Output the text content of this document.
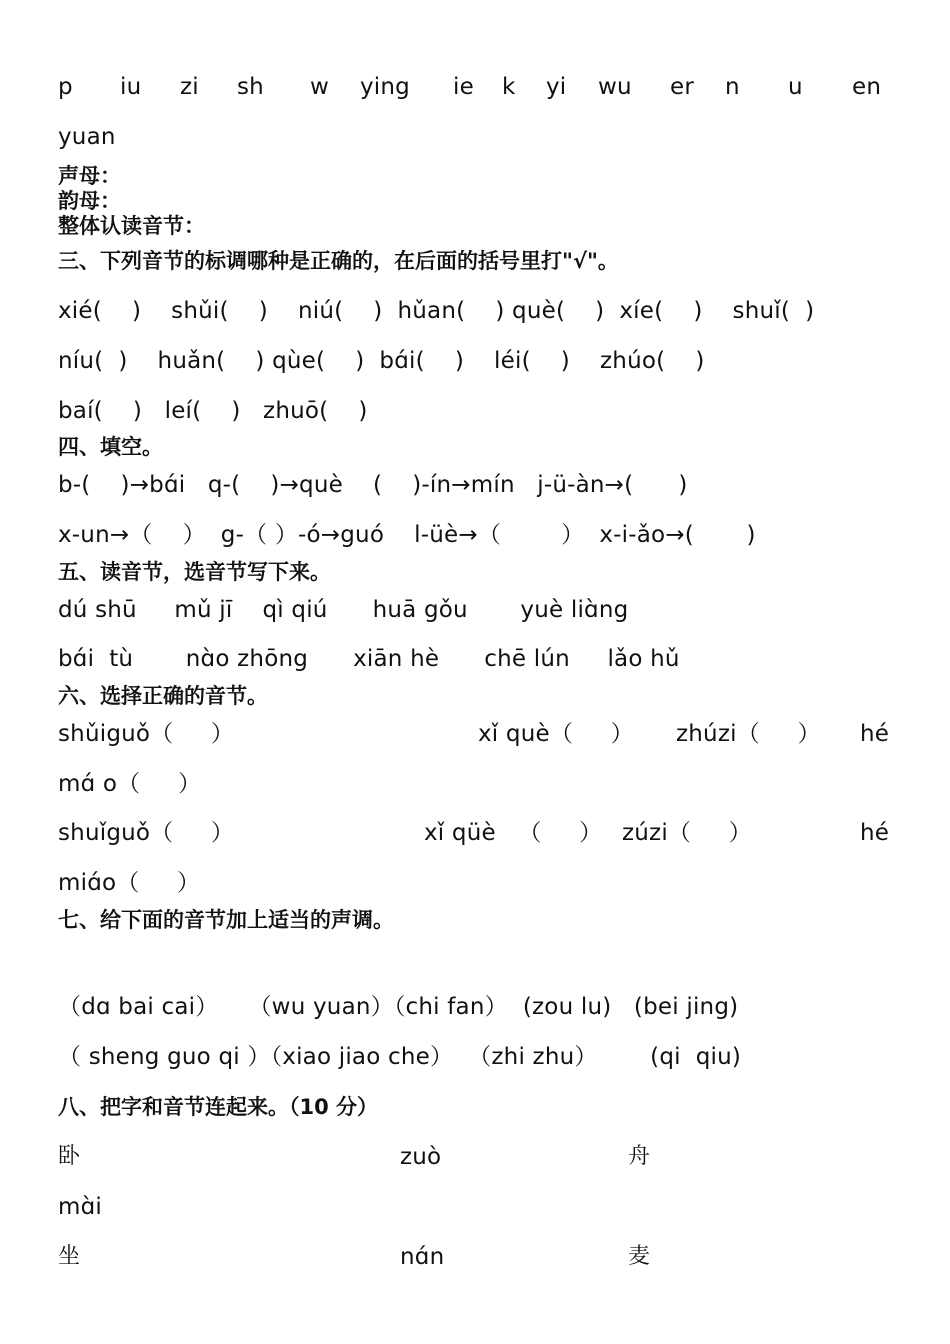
p iu zi sh w ying ie k yi wu er n u en
yuan
声母：
韵母：
整体认读音节：
三、下列音节的标调哪种是正确的，在后面的括号里打"√"。
xié(    )    shǔi(    )    niú(    )  hǔan(    ) què(    )  xíe(    )    shuǐ(  )
níu(  )    huǎn(    ) qùe(    )  bɑ́i(    )    léi(    )    zhúo(    )
baí(    )   leí(    )   zhuō(    )
四、填空。
b-(    )→bɑ́i   q-(    )→què    (    )-ín→mín   j-ü-àn→(      )
x-un→（    ）  g-（ ）-ó→guó    l-üè→（        ）  x-i-ǎo→(       )
五、读音节，选音节写下来。
dú shū     mǔ jī    qì qiú      huā gǒu       yuè liɑ̀ng
bɑ́i  tù       nɑ̀o zhōng      xiān hè      chē lún     lǎo hǔ
六、选择正确的音节。
shǔiguǒ（     ）	xǐ què（     ） zhúzi（     ） hé
mɑ́ o（     ）
shuǐguǒ（     ）	xǐ qüè   （     ） zúzi（     ）	hé
miɑ́o（     ）
七、给下面的音节加上适当的声调。
（dɑ bai cai）    （wu yuan）（chi fan）  (zou lu)   (bei jing)
（ sheng guo qi ）（xiao jiao che）  （zhi zhu）       (qi  qiu)
八、把字和音节连起来。（10 分）
卧	zuò	舟
mɑ̀i
坐	nɑ́n	麦
